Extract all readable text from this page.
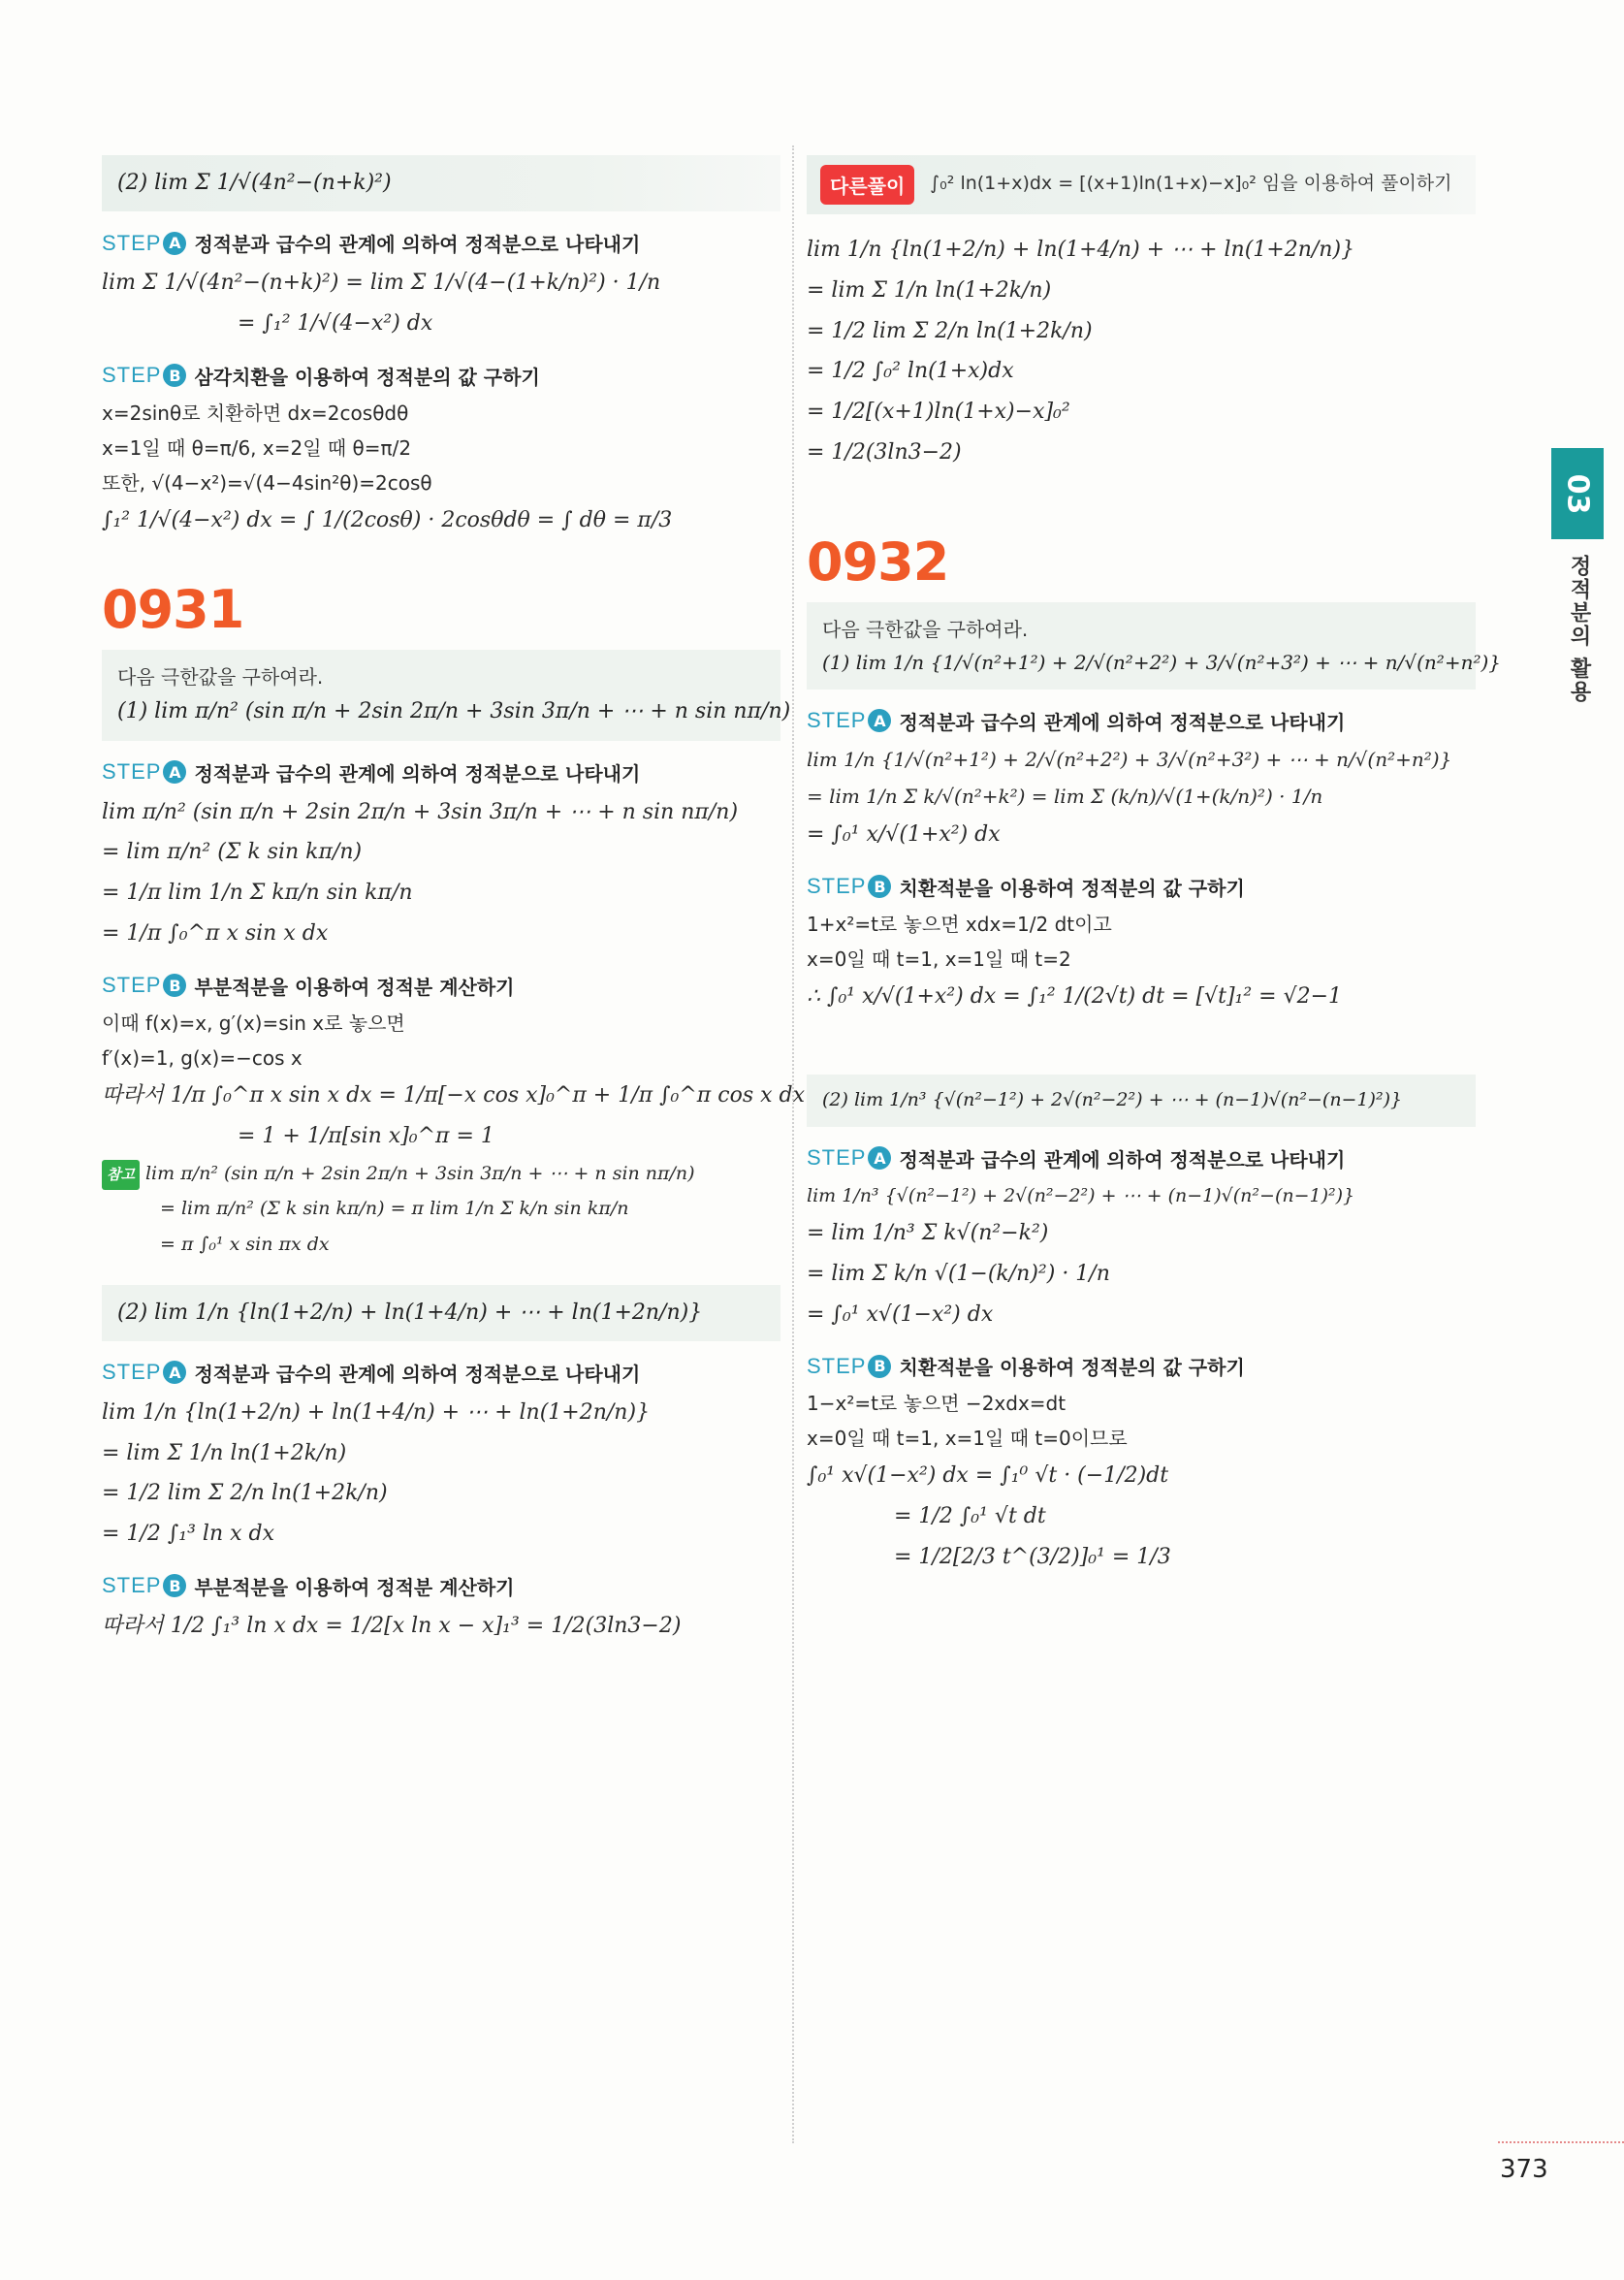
(2) lim Σ 1/√(4n²−(n+k)²)
STEP A 정적분과 급수의 관계에 의하여 정적분으로 나타내기
lim Σ 1/√(4n²−(n+k)²) = lim Σ 1/√(4−(1+k/n)²) · 1/n
= ∫₁² 1/√(4−x²) dx
STEP B 삼각치환을 이용하여 정적분의 값 구하기
x=2sinθ로 치환하면 dx=2cosθdθ
x=1일 때 θ=π/6, x=2일 때 θ=π/2
또한, √(4−x²)=√(4−4sin²θ)=2cosθ
∫₁² 1/√(4−x²) dx = ∫ 1/(2cosθ) · 2cosθdθ = ∫ dθ = π/3
0931
다음 극한값을 구하여라.
(1) lim π/n² (sin π/n + 2sin 2π/n + 3sin 3π/n + ⋯ + n sin nπ/n)
STEP A 정적분과 급수의 관계에 의하여 정적분으로 나타내기
lim π/n² (sin π/n + 2sin 2π/n + 3sin 3π/n + ⋯ + n sin nπ/n)
= lim π/n² (Σ k sin kπ/n)
= 1/π lim 1/n Σ kπ/n sin kπ/n
= 1/π ∫₀^π x sin x dx
STEP B 부분적분을 이용하여 정적분 계산하기
이때 f(x)=x, g′(x)=sin x로 놓으면
f′(x)=1, g(x)=−cos x
따라서 1/π ∫₀^π x sin x dx = 1/π[−x cos x]₀^π + 1/π ∫₀^π cos x dx
= 1 + 1/π[sin x]₀^π = 1
참고 lim π/n² (sin π/n + 2sin 2π/n + 3sin 3π/n + ⋯ + n sin nπ/n)
= lim π/n² (Σ k sin kπ/n) = π lim 1/n Σ k/n sin kπ/n
= π ∫₀¹ x sin πx dx
(2) lim 1/n {ln(1+2/n) + ln(1+4/n) + ⋯ + ln(1+2n/n)}
STEP A 정적분과 급수의 관계에 의하여 정적분으로 나타내기
lim 1/n {ln(1+2/n) + ln(1+4/n) + ⋯ + ln(1+2n/n)}
= lim Σ 1/n ln(1+2k/n)
= 1/2 lim Σ 2/n ln(1+2k/n)
= 1/2 ∫₁³ ln x dx
STEP B 부분적분을 이용하여 정적분 계산하기
따라서 1/2 ∫₁³ ln x dx = 1/2[x ln x − x]₁³ = 1/2(3ln3−2)
다른풀이 ∫₀² ln(1+x)dx = [(x+1)ln(1+x)−x]₀² 임을 이용하여 풀이하기
lim 1/n {ln(1+2/n) + ln(1+4/n) + ⋯ + ln(1+2n/n)}
= lim Σ 1/n ln(1+2k/n)
= 1/2 lim Σ 2/n ln(1+2k/n)
= 1/2 ∫₀² ln(1+x)dx
= 1/2[(x+1)ln(1+x)−x]₀²
= 1/2(3ln3−2)
0932
다음 극한값을 구하여라.
(1) lim 1/n {1/√(n²+1²) + 2/√(n²+2²) + 3/√(n²+3²) + ⋯ + n/√(n²+n²)}
STEP A 정적분과 급수의 관계에 의하여 정적분으로 나타내기
lim 1/n {1/√(n²+1²) + 2/√(n²+2²) + 3/√(n²+3²) + ⋯ + n/√(n²+n²)}
= lim 1/n Σ k/√(n²+k²) = lim Σ (k/n)/√(1+(k/n)²) · 1/n
= ∫₀¹ x/√(1+x²) dx
STEP B 치환적분을 이용하여 정적분의 값 구하기
1+x²=t로 놓으면 xdx=1/2 dt이고
x=0일 때 t=1, x=1일 때 t=2
∴ ∫₀¹ x/√(1+x²) dx = ∫₁² 1/(2√t) dt = [√t]₁² = √2−1
(2) lim 1/n³ {√(n²−1²) + 2√(n²−2²) + ⋯ + (n−1)√(n²−(n−1)²)}
STEP A 정적분과 급수의 관계에 의하여 정적분으로 나타내기
lim 1/n³ {√(n²−1²) + 2√(n²−2²) + ⋯ + (n−1)√(n²−(n−1)²)}
= lim 1/n³ Σ k√(n²−k²)
= lim Σ k/n √(1−(k/n)²) · 1/n
= ∫₀¹ x√(1−x²) dx
STEP B 치환적분을 이용하여 정적분의 값 구하기
1−x²=t로 놓으면 −2xdx=dt
x=0일 때 t=1, x=1일 때 t=0이므로
∫₀¹ x√(1−x²) dx = ∫₁⁰ √t · (−1/2)dt
= 1/2 ∫₀¹ √t dt
= 1/2[2/3 t^(3/2)]₀¹ = 1/3
03
정적분의 활용
373
